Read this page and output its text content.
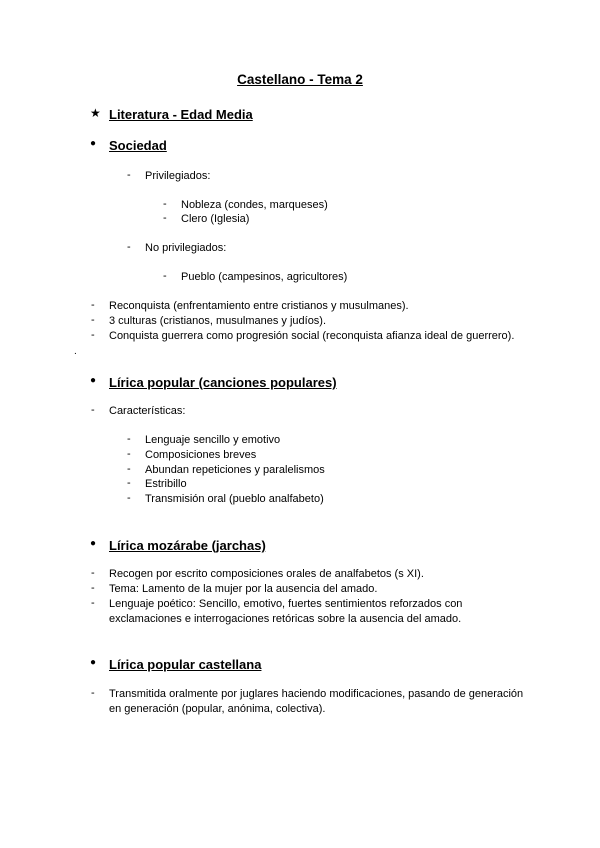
Castellano - Tema 2
★ Literatura - Edad Media
● Sociedad
- Privilegiados:
- Nobleza (condes, marqueses)
- Clero (Iglesia)
- No privilegiados:
- Pueblo (campesinos, agricultores)
- Reconquista (enfrentamiento entre cristianos y musulmanes).
- 3 culturas (cristianos, musulmanes y judíos).
- Conquista guerrera como progresión social (reconquista afianza ideal de guerrero).
.
● Lírica popular (canciones populares)
- Características:
- Lenguaje sencillo y emotivo
- Composiciones breves
- Abundan repeticiones y paralelismos
- Estribillo
- Transmisión oral (pueblo analfabeto)
● Lírica mozárabe (jarchas)
- Recogen por escrito composiciones orales de analfabetos (s XI).
- Tema: Lamento de la mujer por la ausencia del amado.
- Lenguaje poético: Sencillo, emotivo, fuertes sentimientos reforzados con
exclamaciones e interrogaciones retóricas sobre la ausencia del amado.
● Lírica popular castellana
- Transmitida oralmente por juglares haciendo modificaciones, pasando de generación
en generación (popular, anónima, colectiva).
